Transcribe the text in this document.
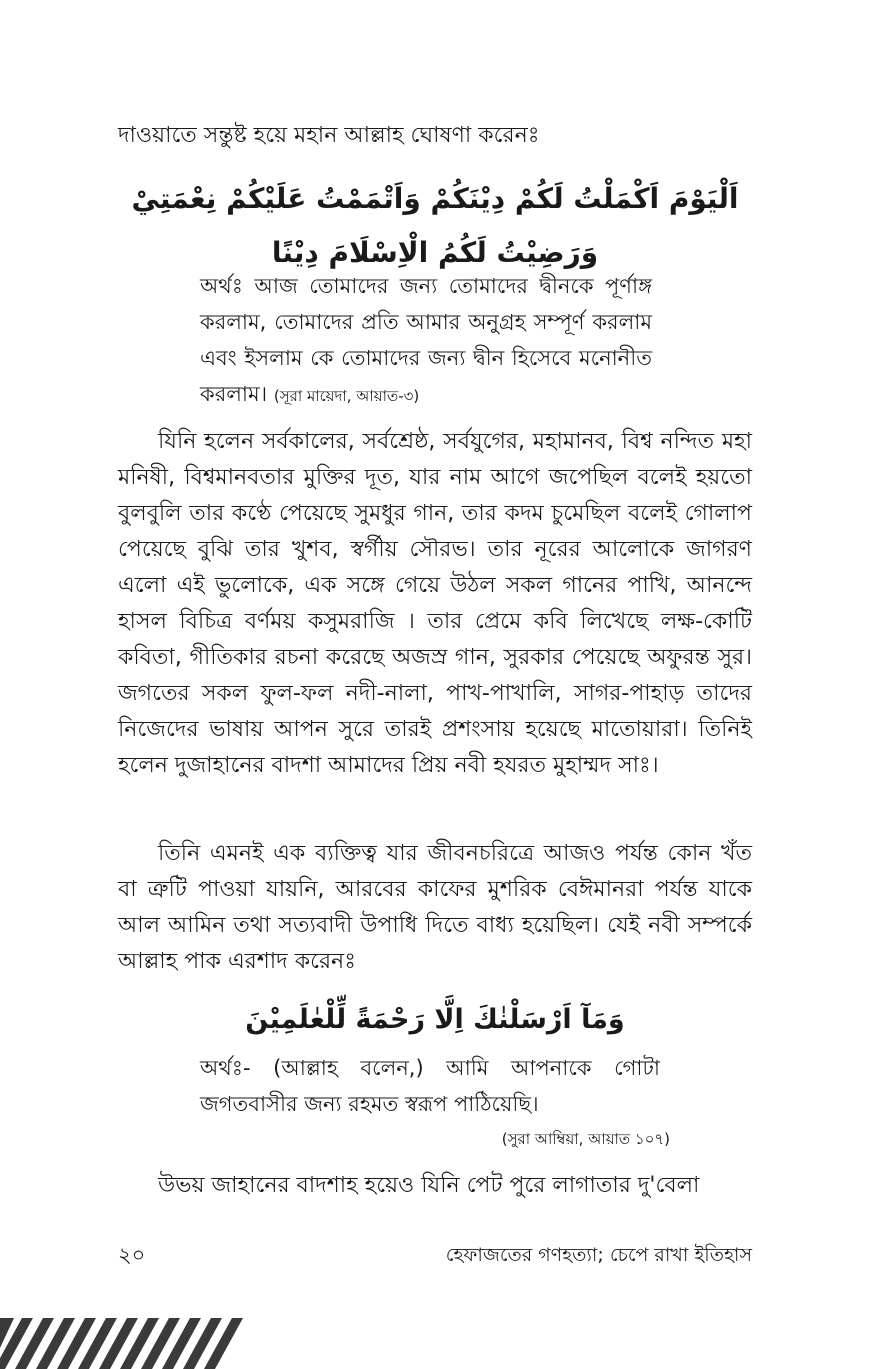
দাওয়াতে সন্তুষ্ট হয়ে মহান আল্লাহ ঘোষণা করেনঃ
اَلْيَوْمَ اَكْمَلْتُ لَكُمْ دِيْنَكُمْ وَاَتْمَمْتُ عَلَيْكُمْ نِعْمَتِيْ وَرَضِيْتُ لَكُمُ الْاِسْلَامَ دِيْنًا
অর্থঃ আজ তোমাদের জন্য তোমাদের দ্বীনকে পূর্ণাঙ্গ করলাম, তোমাদের প্রতি আমার অনুগ্রহ সম্পূর্ণ করলাম এবং ইসলাম কে তোমাদের জন্য দ্বীন হিসেবে মনোনীত করলাম। (সূরা মায়েদা, আয়াত-৩)

যিনি হলেন সর্বকালের, সর্বশ্রেষ্ঠ, সর্বযুগের, মহামানব, বিশ্ব নন্দিত মহা মনিষী, বিশ্বমানবতার মুক্তির দূত, যার নাম আগে জপেছিল বলেই হয়তো বুলবুলি তার কণ্ঠে পেয়েছে সুমধুর গান, তার কদম চুমেছিল বলেই গোলাপ পেয়েছে বুঝি তার খুশব, স্বর্গীয় সৌরভ। তার নূরের আলোকে জাগরণ এলো এই ভুলোকে, এক সঙ্গে গেয়ে উঠল সকল গানের পাখি, আনন্দে হাসল বিচিত্র বর্ণময় কসুমরাজি । তার প্রেমে কবি লিখেছে লক্ষ-কোটি কবিতা, গীতিকার রচনা করেছে অজস্র গান, সুরকার পেয়েছে অফুরন্ত সুর। জগতের সকল ফুল-ফল নদী-নালা, পাখ-পাখালি, সাগর-পাহাড় তাদের নিজেদের ভাষায় আপন সুরে তারই প্রশংসায় হয়েছে মাতোয়ারা। তিনিই হলেন দুজাহানের বাদশা আমাদের প্রিয় নবী হযরত মুহাম্মদ সাঃ।

তিনি এমনই এক ব্যক্তিত্ব যার জীবনচরিত্রে আজও পর্যন্ত কোন খঁত বা ত্রুটি পাওয়া যায়নি, আরবের কাফের মুশরিক বেঈমানরা পর্যন্ত যাকে আল আমিন তথা সত্যবাদী উপাধি দিতে বাধ্য হয়েছিল। যেই নবী সম্পর্কে আল্লাহ পাক এরশাদ করেনঃ

وَمَآ اَرْسَلْنٰكَ اِلَّا رَحْمَةً لِّلْعٰلَمِيْنَ
অর্থঃ- (আল্লাহ বলেন,) আমি আপনাকে গোটা জগতবাসীর জন্য রহমত স্বরূপ পাঠিয়েছি।
(সুরা আম্বিয়া, আয়াত ১০৭)

উভয় জাহানের বাদশাহ হয়েও যিনি পেট পুরে লাগাতার দু'বেলা

২০	হেফাজতের গণহত্যা; চেপে রাখা ইতিহাস
